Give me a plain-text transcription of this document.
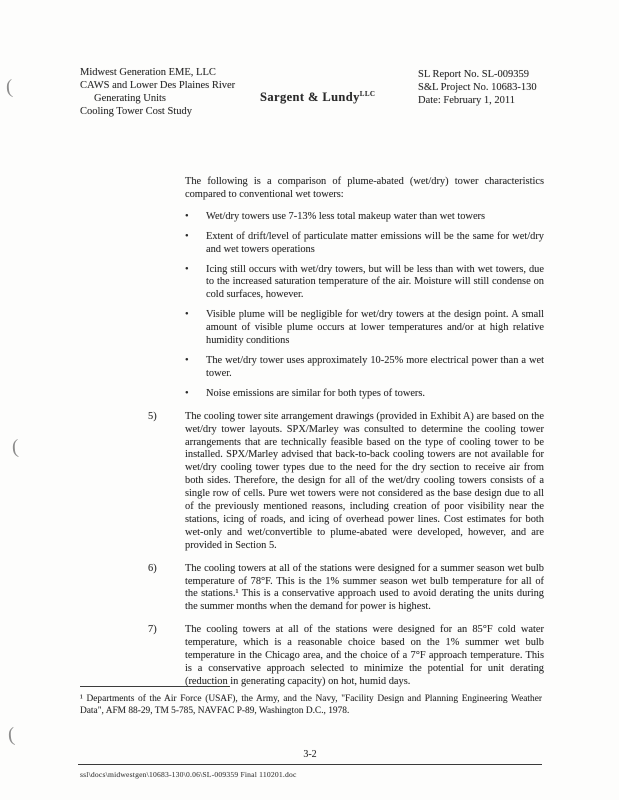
(
(
(
Midwest Generation EME, LLC
CAWS and Lower Des Plaines River
Generating Units
Cooling Tower Cost Study
Sargent & Lundy$^{LLC}$
SL Report No. SL-009359
S&L Project No. 10683-130
Date: February 1, 2011
The following is a comparison of plume-abated (wet/dry) tower characteristics compared to conventional wet towers:
•	Wet/dry towers use 7-13% less total makeup water than wet towers
•	Extent of drift/level of particulate matter emissions will be the same for wet/dry and wet towers operations
•	Icing still occurs with wet/dry towers, but will be less than with wet towers, due to the increased saturation temperature of the air. Moisture will still condense on cold surfaces, however.
•	Visible plume will be negligible for wet/dry towers at the design point. A small amount of visible plume occurs at lower temperatures and/or at high relative humidity conditions
•	The wet/dry tower uses approximately 10-25% more electrical power than a wet tower.
•	Noise emissions are similar for both types of towers.
5)	The cooling tower site arrangement drawings (provided in Exhibit A) are based on the wet/dry tower layouts. SPX/Marley was consulted to determine the cooling tower arrangements that are technically feasible based on the type of cooling tower to be installed. SPX/Marley advised that back-to-back cooling towers are not available for wet/dry cooling tower types due to the need for the dry section to receive air from both sides. Therefore, the design for all of the wet/dry cooling towers consists of a single row of cells. Pure wet towers were not considered as the base design due to all of the previously mentioned reasons, including creation of poor visibility near the stations, icing of roads, and icing of overhead power lines. Cost estimates for both wet-only and wet/convertible to plume-abated were developed, however, and are provided in Section 5.
6)	The cooling towers at all of the stations were designed for a summer season wet bulb temperature of 78°F. This is the 1% summer season wet bulb temperature for all of the stations.¹ This is a conservative approach used to avoid derating the units during the summer months when the demand for power is highest.
7)	The cooling towers at all of the stations were designed for an 85°F cold water temperature, which is a reasonable choice based on the 1% summer wet bulb temperature in the Chicago area, and the choice of a 7°F approach temperature. This is a conservative approach selected to minimize the potential for unit derating (reduction in generating capacity) on hot, humid days.
¹ Departments of the Air Force (USAF), the Army, and the Navy, "Facility Design and Planning Engineering Weather Data", AFM 88-29, TM 5-785, NAVFAC P-89, Washington D.C., 1978.
3-2
ssl\docs\midwestgen\10683-130\0.06\SL-009359 Final 110201.doc
